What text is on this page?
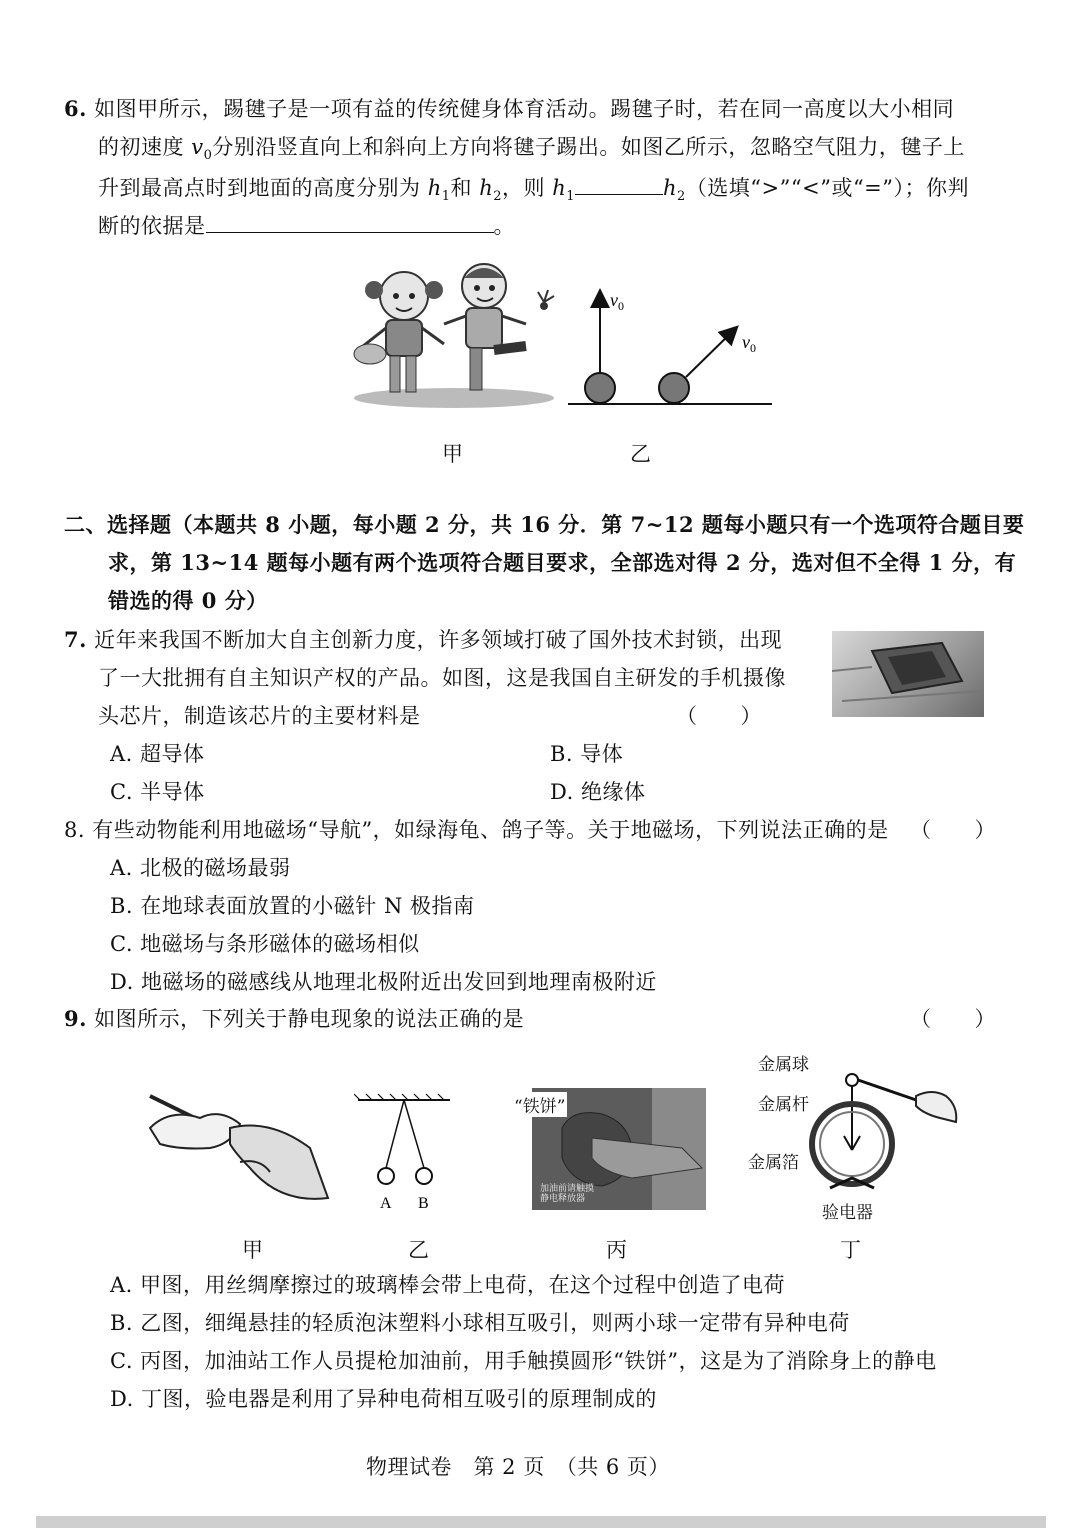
6. 如图甲所示，踢毽子是一项有益的传统健身体育活动。踢毽子时，若在同一高度以大小相同
的初速度 $v_0$分别沿竖直向上和斜向上方向将毽子踢出。如图乙所示，忽略空气阻力，毽子上
升到最高点时到地面的高度分别为 $h_1$和 $h_2$，则 $h_1$	$h_2$（选填“>”“<”或“=”）；你判
断的依据是	。
$v_0$
$v_0$
甲	乙
二、选择题（本题共 8 小题，每小题 2 分，共 16 分．第 7~12 题每小题只有一个选项符合题目要
求，第 13~14 题每小题有两个选项符合题目要求，全部选对得 2 分，选对但不全得 1 分，有
错选的得 0 分）
7. 近年来我国不断加大自主创新力度，许多领域打破了国外技术封锁，出现
了一大批拥有自主知识产权的产品。如图，这是我国自主研发的手机摄像
头芯片，制造该芯片的主要材料是	（　　）
A. 超导体	B. 导体
C. 半导体	D. 绝缘体
8. 有些动物能利用地磁场“导航”，如绿海龟、鸽子等。关于地磁场，下列说法正确的是 （　　）
A. 北极的磁场最弱
B. 在地球表面放置的小磁针 N 极指南
C. 地磁场与条形磁体的磁场相似
D. 地磁场的磁感线从地理北极附近出发回到地理南极附近
9. 如图所示，下列关于静电现象的说法正确的是	（　　）
A B
“铁饼”
加油前请触摸
静电释放器
金属球
金属杆
金属箔
验电器
甲	乙	丙	丁
A. 甲图，用丝绸摩擦过的玻璃棒会带上电荷，在这个过程中创造了电荷
B. 乙图，细绳悬挂的轻质泡沫塑料小球相互吸引，则两小球一定带有异种电荷
C. 丙图，加油站工作人员提枪加油前，用手触摸圆形“铁饼”，这是为了消除身上的静电
D. 丁图，验电器是利用了异种电荷相互吸引的原理制成的
物理试卷　第 2 页　（共 6 页）
